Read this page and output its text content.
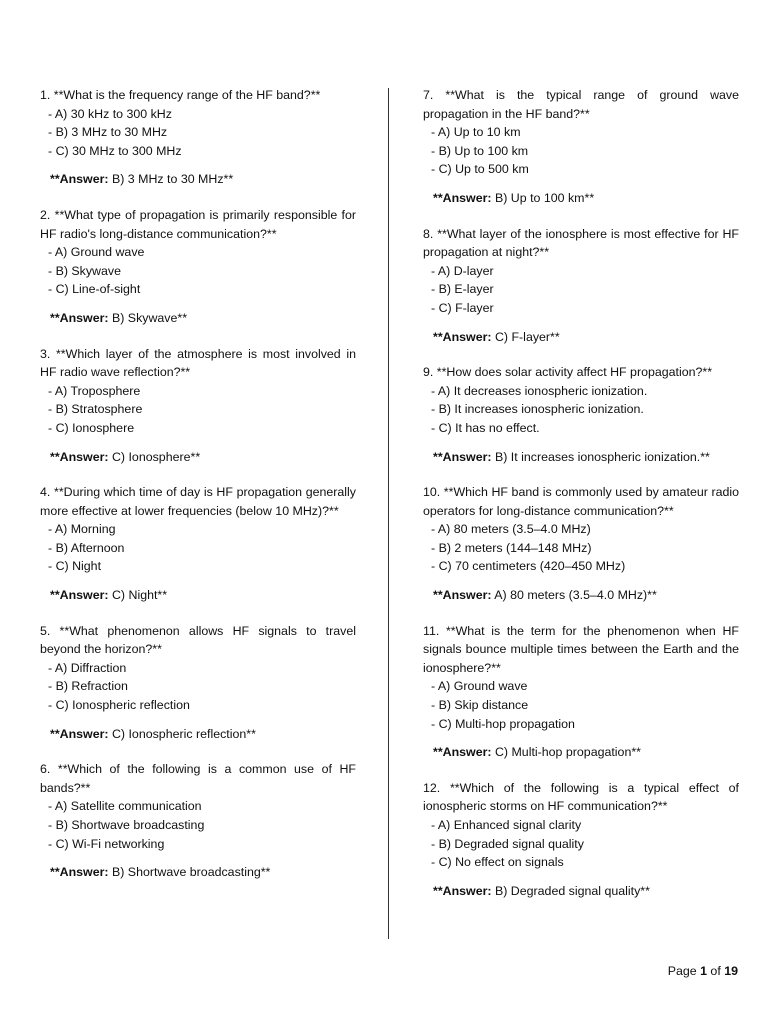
1. **What is the frequency range of the HF band?**
- A) 30 kHz to 300 kHz
- B) 3 MHz to 30 MHz
- C) 30 MHz to 300 MHz
**Answer: B) 3 MHz to 30 MHz**
2. **What type of propagation is primarily responsible for HF radio's long-distance communication?**
- A) Ground wave
- B) Skywave
- C) Line-of-sight
**Answer: B) Skywave**
3. **Which layer of the atmosphere is most involved in HF radio wave reflection?**
- A) Troposphere
- B) Stratosphere
- C) Ionosphere
**Answer: C) Ionosphere**
4. **During which time of day is HF propagation generally more effective at lower frequencies (below 10 MHz)?**
- A) Morning
- B) Afternoon
- C) Night
**Answer: C) Night**
5. **What phenomenon allows HF signals to travel beyond the horizon?**
- A) Diffraction
- B) Refraction
- C) Ionospheric reflection
**Answer: C) Ionospheric reflection**
6. **Which of the following is a common use of HF bands?**
- A) Satellite communication
- B) Shortwave broadcasting
- C) Wi-Fi networking
**Answer: B) Shortwave broadcasting**
7. **What is the typical range of ground wave propagation in the HF band?**
- A) Up to 10 km
- B) Up to 100 km
- C) Up to 500 km
**Answer: B) Up to 100 km**
8. **What layer of the ionosphere is most effective for HF propagation at night?**
- A) D-layer
- B) E-layer
- C) F-layer
**Answer: C) F-layer**
9. **How does solar activity affect HF propagation?**
- A) It decreases ionospheric ionization.
- B) It increases ionospheric ionization.
- C) It has no effect.
**Answer: B) It increases ionospheric ionization.**
10. **Which HF band is commonly used by amateur radio operators for long-distance communication?**
- A) 80 meters (3.5–4.0 MHz)
- B) 2 meters (144–148 MHz)
- C) 70 centimeters (420–450 MHz)
**Answer: A) 80 meters (3.5–4.0 MHz)**
11. **What is the term for the phenomenon when HF signals bounce multiple times between the Earth and the ionosphere?**
- A) Ground wave
- B) Skip distance
- C) Multi-hop propagation
**Answer: C) Multi-hop propagation**
12. **Which of the following is a typical effect of ionospheric storms on HF communication?**
- A) Enhanced signal clarity
- B) Degraded signal quality
- C) No effect on signals
**Answer: B) Degraded signal quality**
Page 1 of 19
